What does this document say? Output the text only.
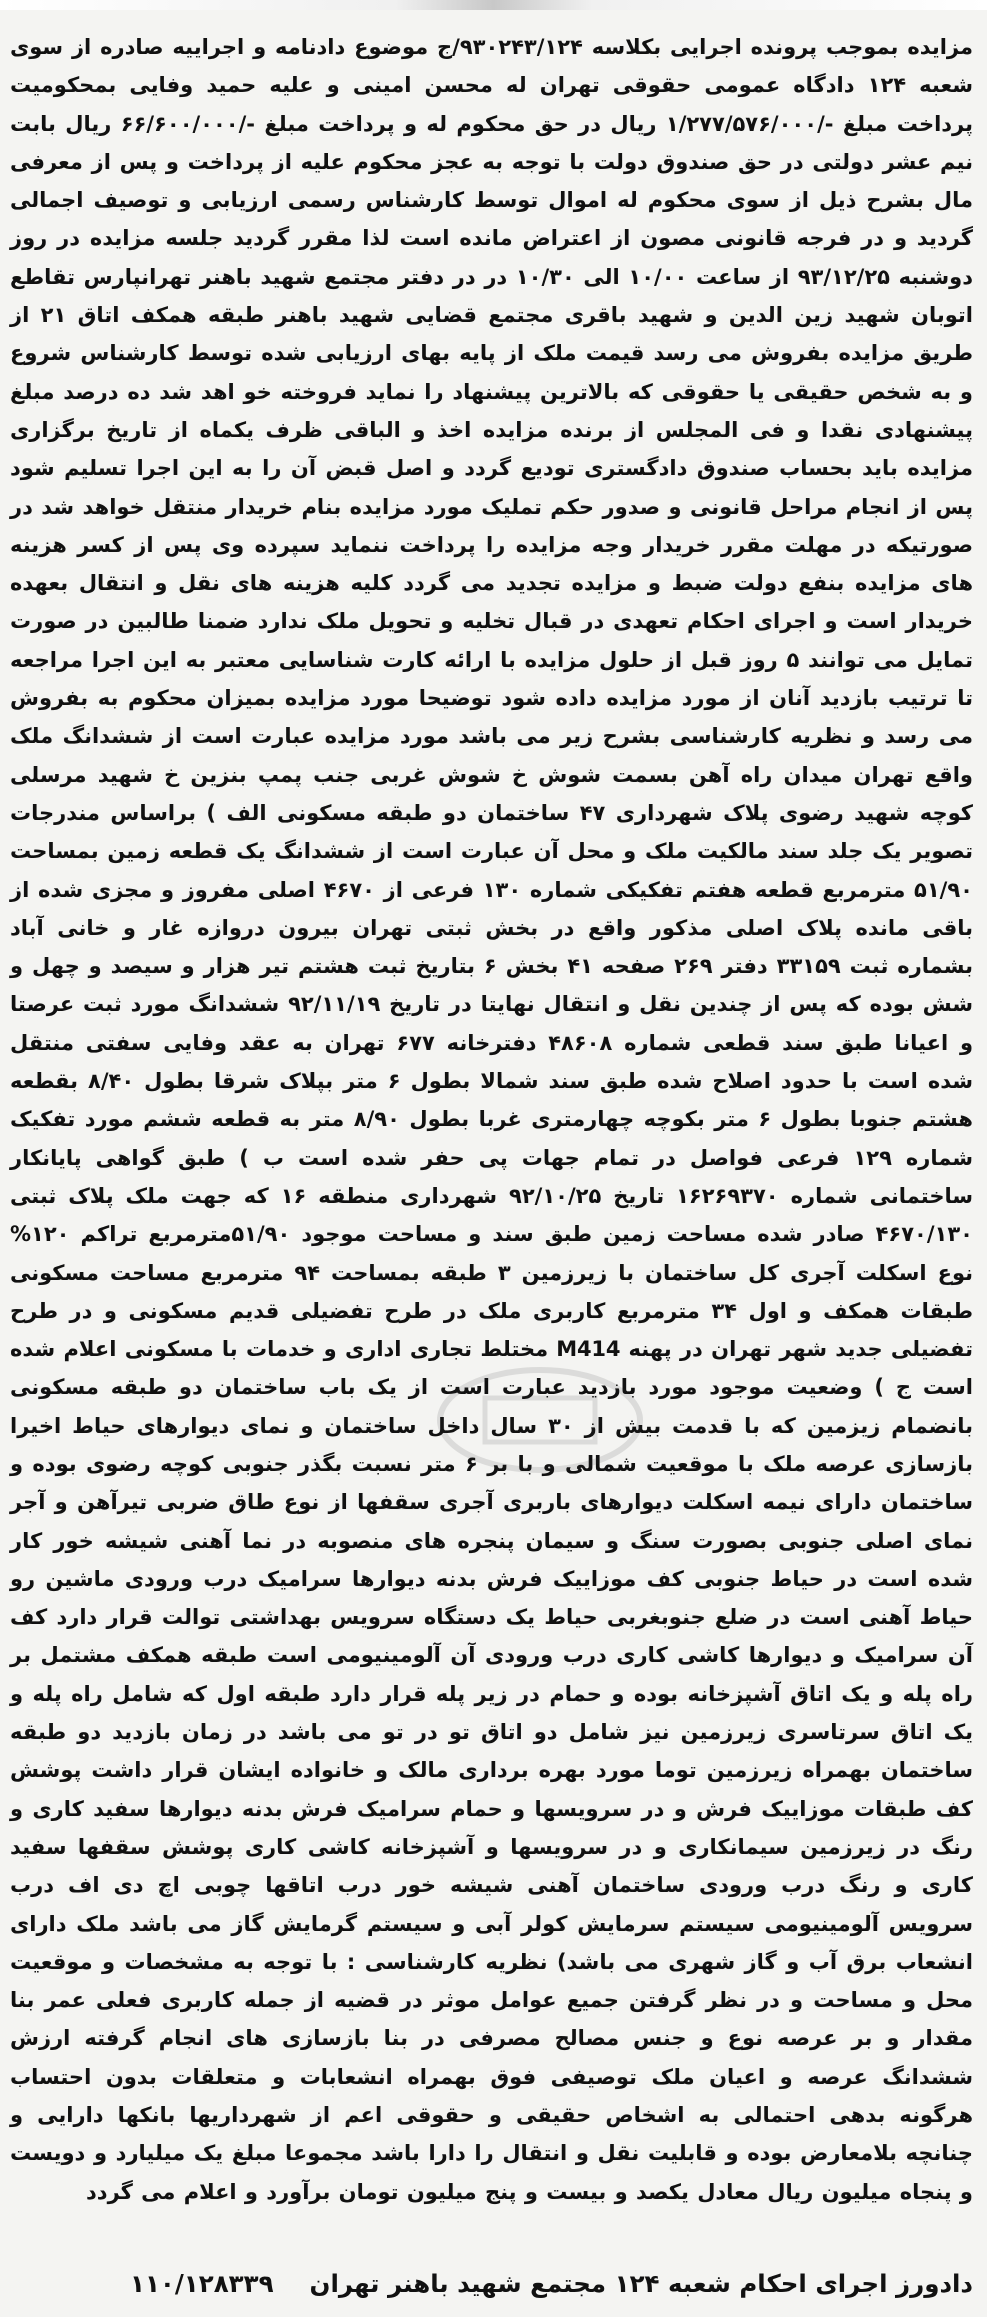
مزایده بموجب پرونده اجرایی بکلاسه ۹۳۰۲۴۳/۱۲۴/ج موضوع دادنامه و اجراییه صادره از سوی شعبه ۱۲۴ دادگاه عمومی حقوقی تهران له محسن امینی و علیه حمید وفایی بمحکومیت پرداخت مبلغ -/۱/۲۷۷/۵۷۶/۰۰۰ ریال در حق محکوم له و پرداخت مبلغ -/۶۶/۶۰۰/۰۰۰ ریال بابت نیم عشر دولتی در حق صندوق دولت با توجه به عجز محکوم علیه از پرداخت و پس از معرفی مال بشرح ذیل از سوی محکوم له اموال توسط کارشناس رسمی ارزیابی و توصیف اجمالی گردید و در فرجه قانونی مصون از اعتراض مانده است لذا مقرر گردید جلسه مزایده در روز دوشنبه ۹۳/۱۲/۲۵ از ساعت ۱۰/۰۰ الی ۱۰/۳۰ در در دفتر مجتمع شهید باهنر تهرانپارس تقاطع اتوبان شهید زین الدین و شهید باقری مجتمع قضایی شهید باهنر طبقه همکف اتاق ۲۱ از طریق مزایده بفروش می رسد قیمت ملک از پایه بهای ارزیابی شده توسط کارشناس شروع و به شخص حقیقی یا حقوقی که بالاترین پیشنهاد را نماید فروخته خو اهد شد ده درصد مبلغ پیشنهادی نقدا و فی المجلس از برنده مزایده اخذ و الباقی ظرف یکماه از تاریخ برگزاری مزایده باید بحساب صندوق دادگستری تودیع گردد و اصل قبض آن را به این اجرا تسلیم شود پس از انجام مراحل قانونی و صدور حکم تملیک مورد مزایده بنام خریدار منتقل خواهد شد در صورتیکه در مهلت مقرر خریدار وجه مزایده را پرداخت ننماید سپرده وی پس از کسر هزینه های مزایده بنفع دولت ضبط و مزایده تجدید می گردد کلیه هزینه های نقل و انتقال بعهده خریدار است و اجرای احکام تعهدی در قبال تخلیه و تحویل ملک ندارد ضمنا طالبین در صورت تمایل می توانند ۵ روز قبل از حلول مزایده با ارائه کارت شناسایی معتبر به این اجرا مراجعه تا ترتیب بازدید آنان از مورد مزایده داده شود توضیحا مورد مزایده بمیزان محکوم به بفروش می رسد و نظریه کارشناسی بشرح زیر می باشد مورد مزایده عبارت است از ششدانگ ملک واقع تهران میدان راه آهن بسمت شوش خ شوش غربی جنب پمپ بنزین خ شهید مرسلی کوچه شهید رضوی پلاک شهرداری ۴۷ ساختمان دو طبقه مسکونی الف ) براساس مندرجات تصویر یک جلد سند مالکیت ملک و محل آن عبارت است از ششدانگ یک قطعه زمین بمساحت ۵۱/۹۰ مترمربع قطعه هفتم تفکیکی شماره ۱۳۰ فرعی از ۴۶۷۰ اصلی مفروز و مجزی شده از باقی مانده پلاک اصلی مذکور واقع در بخش ثبتی تهران بیرون دروازه غار و خانی آباد بشماره ثبت ۳۳۱۵۹ دفتر ۲۶۹ صفحه ۴۱ بخش ۶ بتاریخ ثبت هشتم تیر هزار و سیصد و چهل و شش بوده که پس از چندین نقل و انتقال نهایتا در تاریخ ۹۲/۱۱/۱۹ ششدانگ مورد ثبت عرصتا و اعیانا طبق سند قطعی شماره ۴۸۶۰۸ دفترخانه ۶۷۷ تهران به عقد وفایی سفتی منتقل شده است با حدود اصلاح شده طبق سند شمالا بطول ۶ متر بپلاک شرقا بطول ۸/۴۰ بقطعه هشتم جنوبا بطول ۶ متر بکوچه چهارمتری غربا بطول ۸/۹۰ متر به قطعه ششم مورد تفکیک شماره ۱۲۹ فرعی فواصل در تمام جهات پی حفر شده است ب ) طبق گواهی پایانکار ساختمانی شماره ۱۶۲۶۹۳۷۰ تاریخ ۹۲/۱۰/۲۵ شهرداری منطقه ۱۶ که جهت ملک پلاک ثبتی ۴۶۷۰/۱۳۰ صادر شده مساحت زمین طبق سند و مساحت موجود ۵۱/۹۰مترمربع تراکم ۱۲۰% نوع اسکلت آجری کل ساختمان با زیرزمین ۳ طبقه بمساحت ۹۴ مترمربع مساحت مسکونی طبقات همکف و اول ۳۴ مترمربع کاربری ملک در طرح تفضیلی قدیم مسکونی و در طرح تفضیلی جدید شهر تهران در پهنه M414 مختلط تجاری اداری و خدمات با مسکونی اعلام شده است ج ) وضعیت موجود مورد بازدید عبارت است از یک باب ساختمان دو طبقه مسکونی بانضمام زیزمین که با قدمت بیش از ۳۰ سال داخل ساختمان و نمای دیوارهای حیاط اخیرا بازسازی عرصه ملک با موقعیت شمالی و با بر ۶ متر نسبت بگذر جنوبی کوچه رضوی بوده و ساختمان دارای نیمه اسکلت دیوارهای باربری آجری سقفها از نوع طاق ضربی تیرآهن و آجر نمای اصلی جنوبی بصورت سنگ و سیمان پنجره های منصوبه در نما آهنی شیشه خور کار شده است در حیاط جنوبی کف موزاییک فرش بدنه دیوارها سرامیک درب ورودی ماشین رو حیاط آهنی است در ضلع جنوبغربی حیاط یک دستگاه سرویس بهداشتی توالت قرار دارد کف آن سرامیک و دیوارها کاشی کاری درب ورودی آن آلومینیومی است طبقه همکف مشتمل بر راه پله و یک اتاق آشپزخانه بوده و حمام در زیر پله قرار دارد طبقه اول که شامل راه پله و یک اتاق سرتاسری زیرزمین نیز شامل دو اتاق تو در تو می باشد در زمان بازدید دو طبقه ساختمان بهمراه زیرزمین توما مورد بهره برداری مالک و خانواده ایشان قرار داشت پوشش کف طبقات موزاییک فرش و در سرویسها و حمام سرامیک فرش بدنه دیوارها سفید کاری و رنگ در زیرزمین سیمانکاری و در سرویسها و آشپزخانه کاشی کاری پوشش سقفها سفید کاری و رنگ درب ورودی ساختمان آهنی شیشه خور درب اتاقها چوبی اچ دی اف درب سرویس آلومینیومی سیستم سرمایش کولر آبی و سیستم گرمایش گاز می باشد ملک دارای انشعاب برق آب و گاز شهری می باشد) نظریه کارشناسی : با توجه به مشخصات و موقعیت محل و مساحت و در نظر گرفتن جمیع عوامل موثر در قضیه از جمله کاربری فعلی عمر بنا مقدار و بر عرصه نوع و جنس مصالح مصرفی در بنا بازسازی های انجام گرفته ارزش ششدانگ عرصه و اعیان ملک توصیفی فوق بهمراه انشعابات و متعلقات بدون احتساب هرگونه بدهی احتمالی به اشخاص حقیقی و حقوقی اعم از شهرداریها بانکها دارایی و چنانچه بلامعارض بوده و قابلیت نقل و انتقال را دارا باشد مجموعا مبلغ یک میلیارد و دویست و پنجاه میلیون ریال معادل یکصد و بیست و پنج میلیون تومان برآورد و اعلام می گردد

دادورز اجرای احکام شعبه ۱۲۴ مجتمع شهید باهنر تهران
۱۱۰/۱۲۸۳۳۹
